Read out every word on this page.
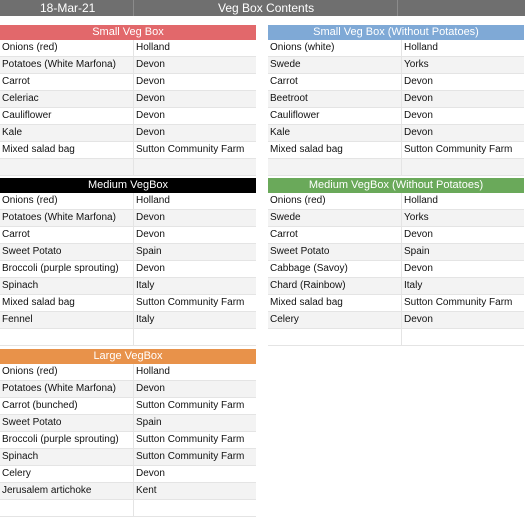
18-Mar-21	Veg Box Contents
Small Veg Box
Onions (red)	Holland
Potatoes (White Marfona) Devon
Carrot	Devon
Celeriac	Devon
Cauliflower	Devon
Kale	Devon
Mixed salad bag	Sutton Community Farm
Small Veg Box (Without Potatoes)
Onions (white)	Holland
Swede	Yorks
Carrot	Devon
Beetroot	Devon
Cauliflower	Devon
Kale	Devon
Mixed salad bag	Sutton Community Farm
Medium VegBox
Onions (red)	Holland
Potatoes (White Marfona) Devon
Carrot	Devon
Sweet Potato	Spain
Broccoli (purple sprouting) Devon
Spinach	Italy
Mixed salad bag	Sutton Community Farm
Fennel	Italy
Medium VegBox (Without Potatoes)
Onions (red)	Holland
Swede	Yorks
Carrot	Devon
Sweet Potato	Spain
Cabbage (Savoy)	Devon
Chard (Rainbow)	Italy
Mixed salad bag	Sutton Community Farm
Celery	Devon
Large VegBox
Onions (red)	Holland
Potatoes (White Marfona) Devon
Carrot (bunched)	Sutton Community Farm
Sweet Potato	Spain
Broccoli (purple sprouting) Sutton Community Farm
Spinach	Sutton Community Farm
Celery	Devon
Jerusalem artichoke	Kent
